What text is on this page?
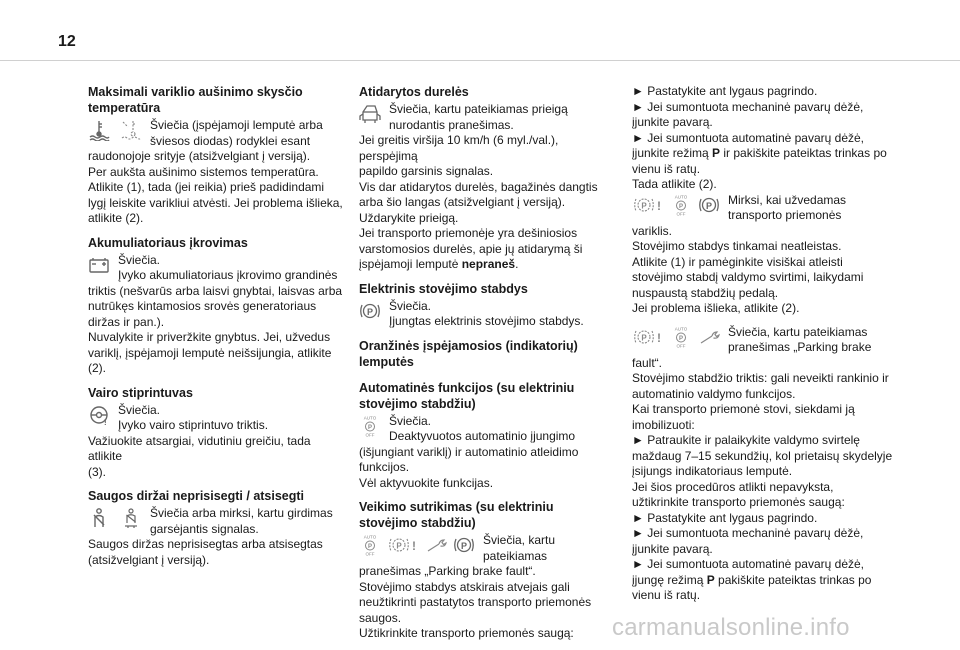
12
Maksimali variklio aušinimo skysčio
temperatūra
Šviečia (įspėjamoji lemputė arba
šviesos diodas) rodyklei esant
raudonojoje srityje (atsižvelgiant į versiją).
Per aukšta aušinimo sistemos temperatūra.
Atlikite (1), tada (jei reikia) prieš padidindami
lygį leiskite varikliui atvėsti. Jei problema išlieka,
atlikite (2).
Akumuliatoriaus įkrovimas
Šviečia.
Įvyko akumuliatoriaus įkrovimo grandinės
triktis (nešvarūs arba laisvi gnybtai, laisvas arba
nutrūkęs kintamosios srovės generatoriaus
diržas ir pan.).
Nuvalykite ir priveržkite gnybtus. Jei, užvedus
variklį, įspėjamoji lemputė neišsijungia, atlikite
(2).
Vairo stiprintuvas
!
Šviečia.
Įvyko vairo stiprintuvo triktis.
Važiuokite atsargiai, vidutiniu greičiu, tada atlikite
(3).
Saugos diržai neprisisegti / atsisegti
Šviečia arba mirksi, kartu girdimas
garsėjantis signalas.
Saugos diržas neprisisegtas arba atsisegtas
(atsižvelgiant į versiją).
Atidarytos durelės
Šviečia, kartu pateikiamas prieigą
nurodantis pranešimas.
Jei greitis viršija 10 km/h (6 myl./val.), perspėjimą
papildo garsinis signalas.
Vis dar atidarytos durelės, bagažinės dangtis
arba šio langas (atsižvelgiant į versiją).
Uždarykite prieigą.
Jei transporto priemonėje yra dešiniosios
varstomosios durelės, apie jų atidarymą ši
įspėjamoji lemputė nepraneš.
Elektrinis stovėjimo stabdys
P Šviečia.
Įjungtas elektrinis stovėjimo stabdys.
Oranžinės įspėjamosios (indikatorių)
lemputės
Automatinės funkcijos (su elektriniu
stovėjimo stabdžiu)
AUTO
P
OFF
Šviečia.
Deaktyvuotos automatinio įjungimo
(išjungiant variklį) ir automatinio atleidimo
funkcijos.
Vėl aktyvuokite funkcijas.
Veikimo sutrikimas (su elektriniu
stovėjimo stabdžiu)
AUTO
P
OFF
P !	P Šviečia, kartu
pateikiamas
pranešimas „Parking brake fault“.
Stovėjimo stabdys atskirais atvejais gali
neužtikrinti pastatytos transporto priemonės
saugos.
Užtikrinkite transporto priemonės saugą:
► Pastatykite ant lygaus pagrindo.
► Jei sumontuota mechaninė pavarų dėžė,
įjunkite pavarą.
► Jei sumontuota automatinė pavarų dėžė,
įjunkite režimą P ir pakiškite pateiktas trinkas po
vienu iš ratų.
Tada atlikite (2).
P !
AUTO
P
OFF
P Mirksi, kai užvedamas
transporto priemonės
variklis.
Stovėjimo stabdys tinkamai neatleistas.
Atlikite (1) ir pamėginkite visiškai atleisti
stovėjimo stabdį valdymo svirtimi, laikydami
nuspaustą stabdžių pedalą.
Jei problema išlieka, atlikite (2).
P !
AUTO
P
OFF
Šviečia, kartu pateikiamas
pranešimas „Parking brake
fault“.
Stovėjimo stabdžio triktis: gali neveikti rankinio ir
automatinio valdymo funkcijos.
Kai transporto priemonė stovi, siekdami ją
imobilizuoti:
► Patraukite ir palaikykite valdymo svirtelę
maždaug 7–15 sekundžių, kol prietaisų skydelyje
įsijungs indikatoriaus lemputė.
Jei šios procedūros atlikti nepavyksta,
užtikrinkite transporto priemonės saugą:
► Pastatykite ant lygaus pagrindo.
► Jei sumontuota mechaninė pavarų dėžė,
įjunkite pavarą.
► Jei sumontuota automatinė pavarų dėžė,
įjungę režimą P pakiškite pateiktas trinkas po
vienu iš ratų.
carmanualsonline.info
